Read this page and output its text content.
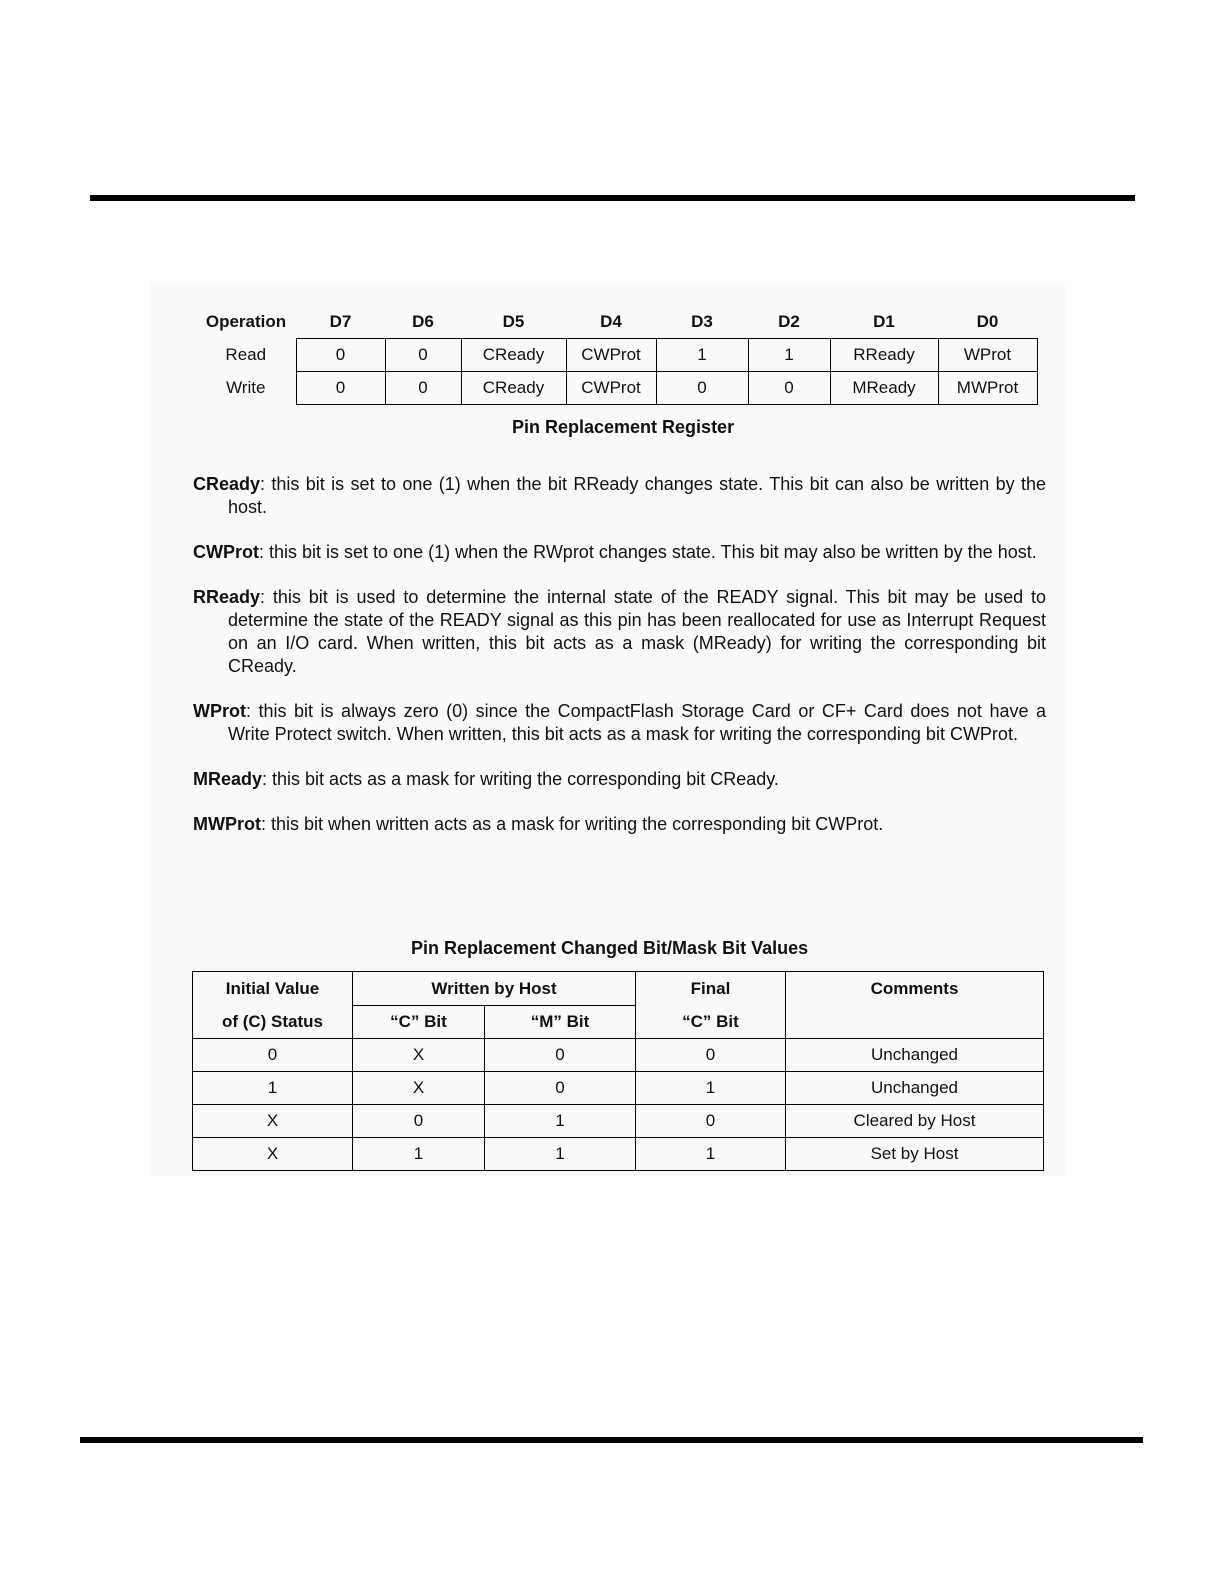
Operation	D7	D6	D5	D4	D3	D2	D1	D0
Read	0	0	CReady	CWProt	1	1	RReady	WProt
Write	0	0	CReady	CWProt	0	0	MReady	MWProt
Pin Replacement Register

CReady: this bit is set to one (1) when the bit RReady changes state. This bit can also be written by the host.

CWProt: this bit is set to one (1) when the RWprot changes state. This bit may also be written by the host.

RReady: this bit is used to determine the internal state of the READY signal. This bit may be used to determine the state of the READY signal as this pin has been reallocated for use as Interrupt Request on an I/O card. When written, this bit acts as a mask (MReady) for writing the corresponding bit CReady.

WProt: this bit is always zero (0) since the CompactFlash Storage Card or CF+ Card does not have a Write Protect switch. When written, this bit acts as a mask for writing the corresponding bit CWProt.

MReady: this bit acts as a mask for writing the corresponding bit CReady.

MWProt: this bit when written acts as a mask for writing the corresponding bit CWProt.

Pin Replacement Changed Bit/Mask Bit Values
Initial Value	Written by Host		Final	Comments
of (C) Status	“C” Bit	“M” Bit	“C” Bit	
0	X	0	0	Unchanged
1	X	0	1	Unchanged
X	0	1	0	Cleared by Host
X	1	1	1	Set by Host
